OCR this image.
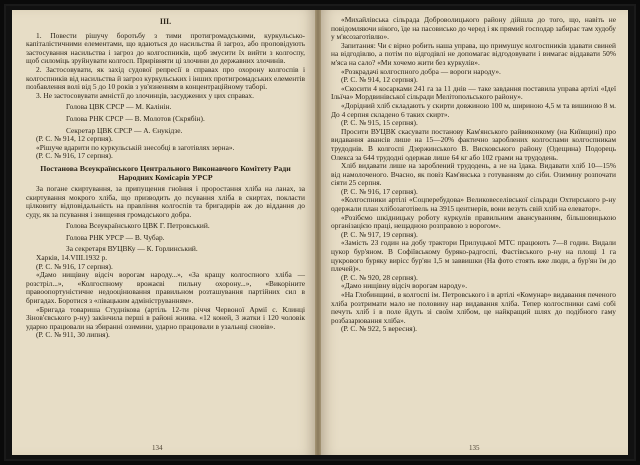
III.

1. Повести рішучу боротьбу з тими протигромадськими, куркульсько-капіталістичними елементами, що вдаються до насильства й загроз, або проповідують застосування насильства і загроз до колгоспників, щоб змусити їх вийти з колгоспу, щоб силоміць зруйнувати колгосп. Прирівняти ці злочини до державних злочинів.

2. Застосовувати, як захід судової репресії в справах про охорону колгоспів і колгоспників від насильства й загроз куркульських і інших протигромадських елементів позбавлення волі від 5 до 10 років з ув'язненням в концентраційному таборі.

3. Не застосовувати амністії до злочинців, засуджених у цих справах.

Голова ЦВК СРСР — М. Калінін.
Голова РНК СРСР — В. Молотов (Скрябін).
Секретар ЦВК СРСР — А. Єнукідзе.
(Р. С. № 914, 12 серпня).

«Рішуче вдарити по куркульській знесобці в заготівлях зерна».

(Р. С. № 916, 17 серпня).
Постанова Всеукраїнського Центрального Виконавчого Комітету Ради Народних Комісарів УРСР

За погане скиртування, за припущення гноїння і проростання хліба на ланах, за скиртування мокрого хліба, що призводить до псування хліба в скиртах, покласти цілковиту відповідальність на правління колгоспів та бригадирів аж до віддання до суду, як за псування і знищення громадського добра.

Голова Всеукраїнського ЦВК Г. Петровський.
Голова РНК УРСР — В. Чубар.
За секретаря ВУЦВКу — К. Горлинський.
Харків, 14.VIII.1932 р.
(Р. С. № 916, 17 серпня).

«Дамо нищівну відсіч ворогам народу...», «За кращу колгоспного хліба — розстріл...», «Колгоспному врожаєві пильну охорону...», «Викоріните правоопортуністичне недооцінювання правильном розташування партійних сил в бригадах. Боротися з «лівацьким адмініструванням».

«Бригада товариша Студнікова (артіль 12-ти річчя Червоної Армії с. Клинці Зінов'євського р-ну) закінчила перші в районі жнива. «12 коней, 3 жатки і 120 чоловік удаpно працювали на збиранні озимини, удаpно працювали в узальнці сновів».

(Р. С. № 911, 30 липня).
134

«Михайлівська сільрада Доброволицького району дійшла до того, що, навіть не повідомляючи нікого, їде на пасовисько до черед і як прямий господар забирає там худобу у м'ясозаготівлю».

Запитання: Чи є вірно робить наша управа, що примушує колгоспників здавати свиней на відгодівлю, а потім по відгодівлі не допомагає відгодовувати і вимагає віддавати 50% м'яса на сало? «Ми хочемо жити без куркулів».

«Розкрадачі колгоспного добра — вороги народу».

(Р. С. № 914, 12 серпня).

«Скосити 4 косарками 241 га за 11 днів — таке завдання поставила управа артілі «Ідеї Ільїча» Мордвинівської сільради Мелітопольського району».

«Дорідний хліб складають у скирти довжиною 100 м, шириною 4,5 м та вишиною 8 м. До 4 серпня складено 6 таких скирт».

(Р. С. № 915, 15 серпня).

Просити ВУЦВК скасувати постанову Кам'янського райвиконкому (на Київщині) про видавання авансів лише на 15—20% фактично зароблених колгоспами колгоспникам трудоднів. В колгоспі Дзержинського В. Висковського району (Одещина) Подорець Олекса за 644 трудодні одержав лише 64 кг або 102 грами на трудодень.

Хліб видавати лише на зароблений трудодень, а не на їдака. Видавати хліб 10—15% від намолоченого. Вчасно, як повіз Кам'янська з готуванням до сіби. Озимину розпочати сіяти 25 серпня.

(Р. С. № 916, 17 серпня).

«Колгоспники артілі «Соцперебудова» Великовеселівської сільради Охтирського р-ну одержали план хлібозаготівель на 3915 центнерів, вони везуть свій хліб на елеватор».

«Розібємо шкідницьку роботу куркулів правильним авансуванням, більшовицькою організацією праці, нещадною розправою з ворогом».

(Р. С. № 917, 19 серпня).

«Замість 23 годин на добу трактори Прилуцької МТС працюють 7—8 годин. Видали цукор бур'яном. В Софіївському буряко-радгоспі, Фастівського р-ну на площі 1 га цукрового буряку вирісс бур'ян 1,5 м заввишки (На фото стоять вже люди, а бур'ян їм до плечей)».

(Р. С. № 920, 28 серпня).

«Дамо нищівну відсіч ворогам народу».

«На Глобинщині, в колгоспі ім. Петровського і в артілі «Комунар» видавання печеного хліба розтримати мало не половину нар видавання хліба. Тепер колгоспники самі собі печуть хліб і в поле йдуть зі своїм хлібом, це найкращий шлях до подібного гаму розбазарювання хліба».

(Р. С. № 922, 5 вересня).
135
